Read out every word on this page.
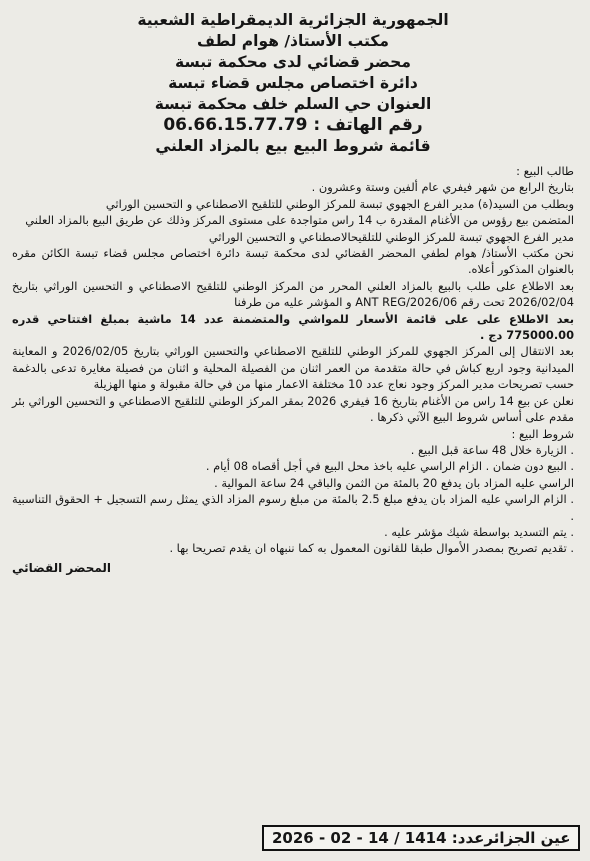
الجمهورية الجزائرية الديمقراطية الشعبية
مكتب الأستاذ/ هوام لطف
محضر قضائي لدى محكمة تبسة
دائرة اختصاص مجلس قضاء تبسة
العنوان حي السلم خلف محكمة تبسة
رقم الهاتف : 06.66.15.77.79
قائمة شروط البيع بيع بالمزاد العلني

طالب البيع :

بتاريخ الرابع من شهر فيفري عام ألفين وستة وعشرون .

وبطلب من السيد(ة) مدير الفرع الجهوي تبسة للمركز الوطني للتلقيح الاصطناعي و التحسين الوراثي

المتضمن بيع رؤوس من الأغنام المقدرة ب 14 راس متواجدة على مستوى المركز وذلك عن طريق البيع بالمزاد العلني

مدير الفرع الجهوي تبسة للمركز الوطني للتلقيحالاصطناعي و التحسين الوراثي

نحن مكتب الأستاذ/ هوام لطفي المحضر القضائي لدى محكمة تبسة دائرة اختصاص مجلس قضاء تبسة الكائن مقره بالعنوان المذكور أعلاه.

بعد الاطلاع على طلب بالبيع بالمزاد العلني المحرر من المركز الوطني للتلقيح الاصطناعي و التحسين الوراثي بتاريخ 2026/02/04 تحت رقم ANT REG/2026/06 و المؤشر عليه من طرفنا

بعد الاطلاع على على قائمة الأسعار للمواشي والمتضمنة عدد 14 ماشية بمبلغ افتتاحي قدره 775000.00 دج .

بعد الانتقال إلى المركز الجهوي للمركز الوطني للتلقيح الاصطناعي والتحسين الوراثي بتاريخ 2026/02/05 و المعاينة الميدانية وجود اربع كباش في حالة متقدمة من العمر اثنان من الفصيلة المحلية و اثنان من فصيلة مغايرة تدعى بالدغمة حسب تصريحات مدير المركز وجود نعاج عدد 10 مختلفة الاعمار منها من في حالة مقبولة و منها الهزيلة

نعلن عن بيع 14 راس من الأغنام بتاريخ 16 فيفري 2026 بمقر المركز الوطني للتلقيح الاصطناعي و التحسين الوراثي بئر مقدم على أساس شروط البيع الآتي ذكرها .

شروط البيع :

. الزيارة خلال 48 ساعة قبل البيع .

. البيع دون ضمان . الزام الراسي عليه باخذ محل البيع في أجل أقصاه 08 أيام .

الراسي عليه المزاد بان يدفع 20 بالمئة من الثمن والباقي 24 ساعة الموالية .

. الزام الراسي عليه المزاد بان يدفع مبلغ 2.5 بالمئة من مبلغ رسوم المزاد الذي يمثل رسم التسجيل + الحقوق التناسبية .

. يتم التسديد بواسطة شيك مؤشر عليه .

. تقديم تصريح بمصدر الأموال طبقا للقانون المعمول به كما ننبهاه ان يقدم تصريحا بها .

المحضر القضائي
عين الجزائرعدد: 1414 / 14 - 02 - 2026
